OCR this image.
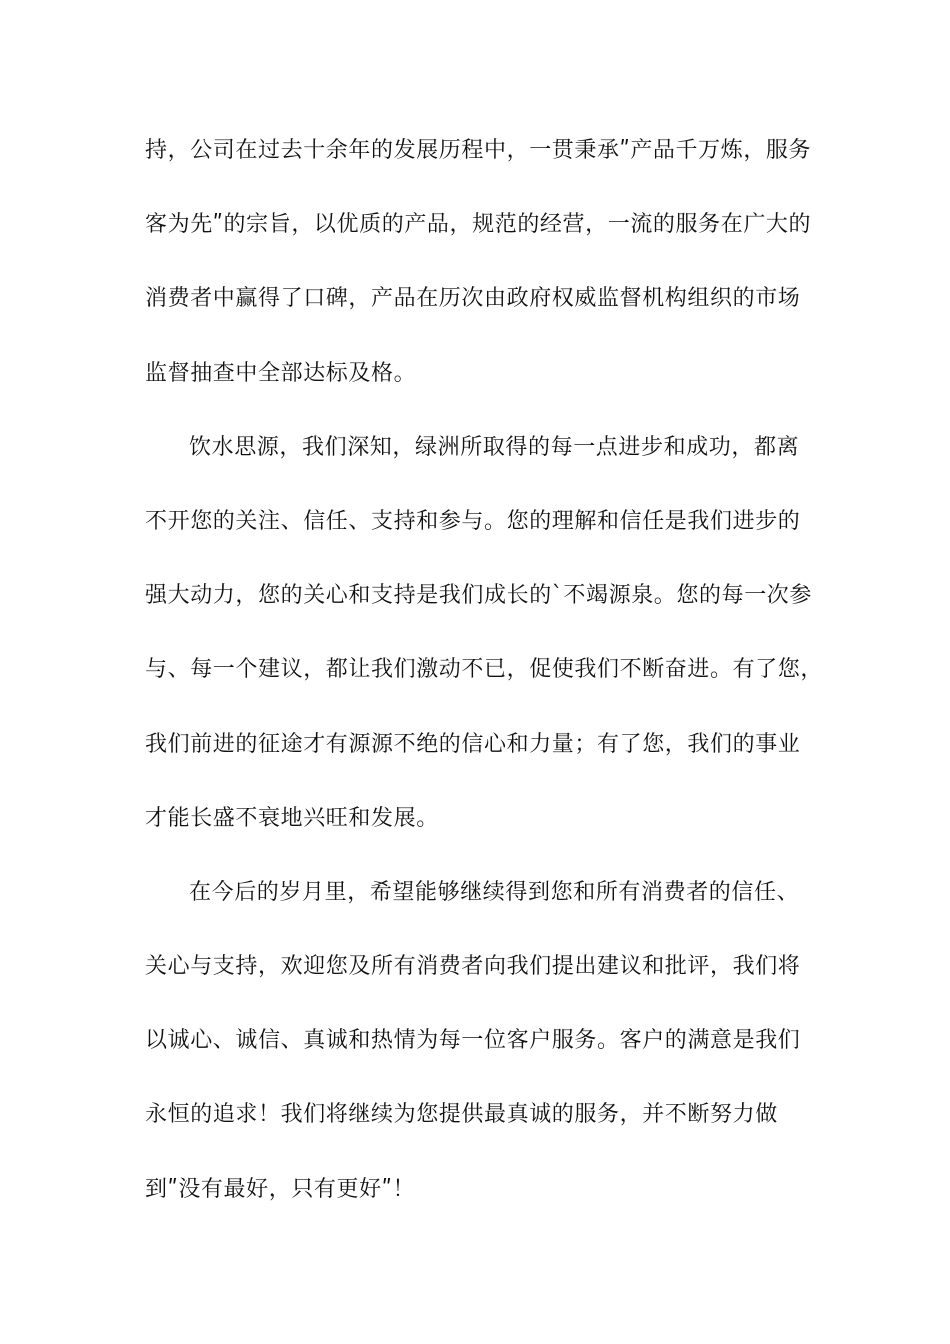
持，公司在过去十余年的发展历程中，一贯秉承ʺ产品千万炼，服务
客为先ʺ的宗旨，以优质的产品，规范的经营，一流的服务在广大的
消费者中赢得了口碑，产品在历次由政府权威监督机构组织的市场
监督抽查中全部达标及格。
饮水思源，我们深知，绿洲所取得的每一点进步和成功，都离
不开您的关注、信任、支持和参与。您的理解和信任是我们进步的
强大动力，您的关心和支持是我们成长的`不竭源泉。您的每一次参
与、每一个建议，都让我们激动不已，促使我们不断奋进。有了您，
我们前进的征途才有源源不绝的信心和力量；有了您，我们的事业
才能长盛不衰地兴旺和发展。
在今后的岁月里，希望能够继续得到您和所有消费者的信任、
关心与支持，欢迎您及所有消费者向我们提出建议和批评，我们将
以诚心、诚信、真诚和热情为每一位客户服务。客户的满意是我们
永恒的追求！我们将继续为您提供最真诚的服务，并不断努力做
到ʺ没有最好，只有更好ʺ！
